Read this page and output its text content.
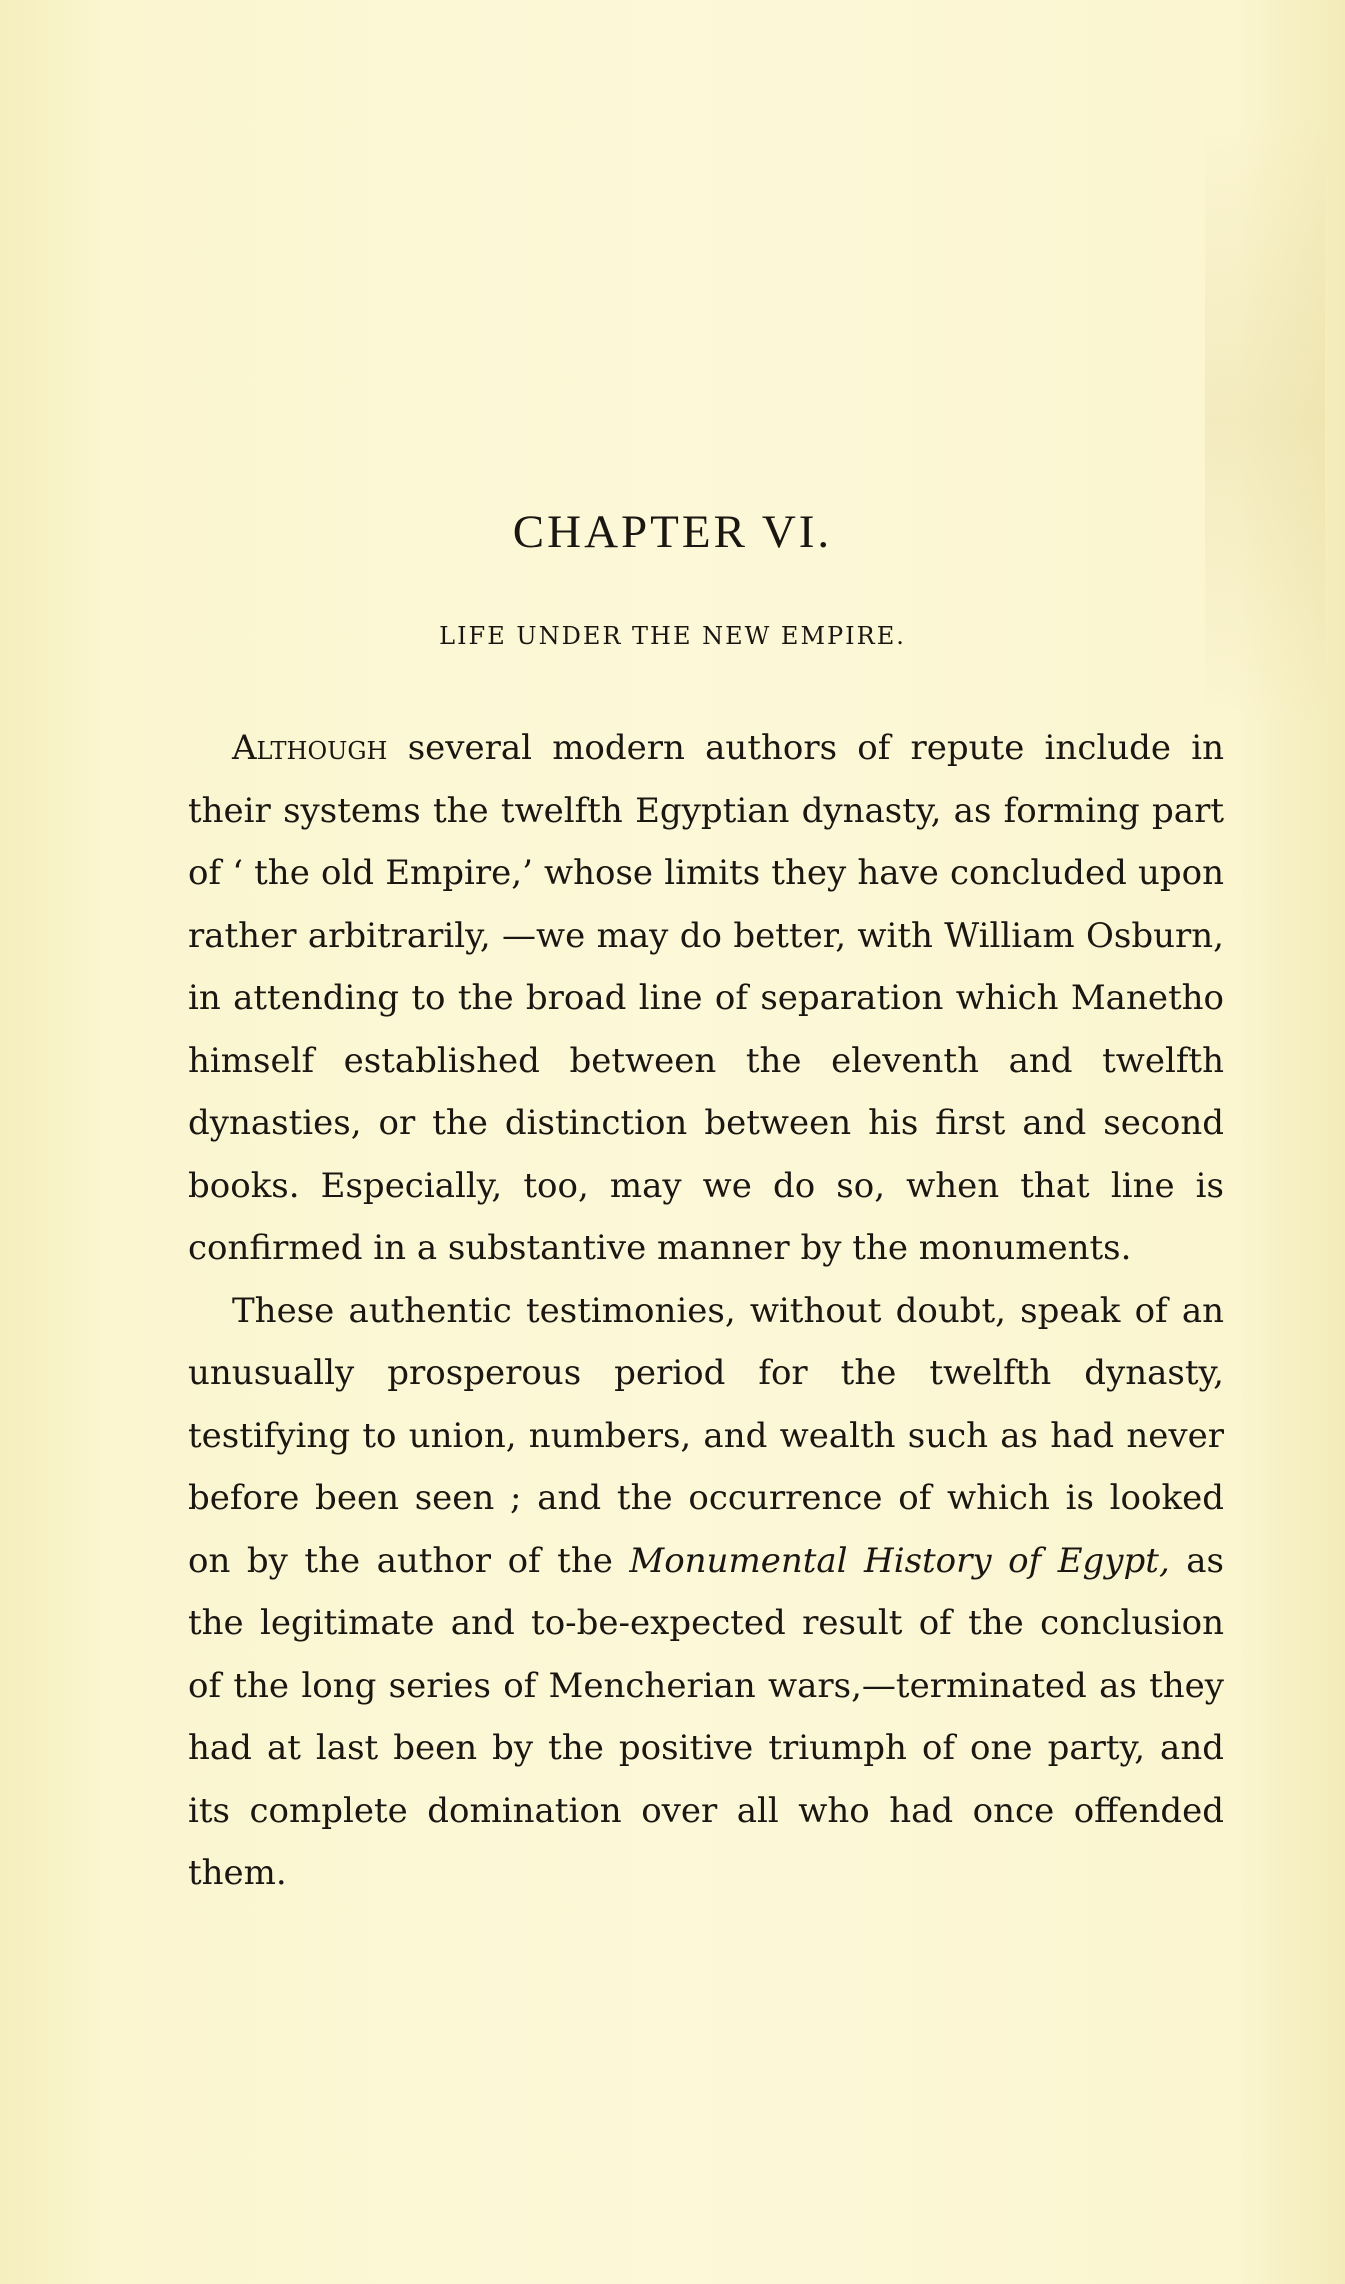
CHAPTER VI.
LIFE UNDER THE NEW EMPIRE.

Although several modern authors of repute include in their systems the twelfth Egyptian dynasty, as forming part of ‘ the old Empire,’ whose limits they have concluded upon rather arbitrarily, —we may do better, with William Osburn, in attending to the broad line of separation which Manetho himself established between the eleventh and twelfth dynasties, or the distinction between his first and second books. Especially, too, may we do so, when that line is confirmed in a substantive manner by the monuments.

These authentic testimonies, without doubt, speak of an unusually prosperous period for the twelfth dynasty, testifying to union, numbers, and wealth such as had never before been seen ; and the occurrence of which is looked on by the author of the Monumental History of Egypt, as the legitimate and to-be-expected result of the conclusion of the long series of Mencherian wars,—terminated as they had at last been by the positive triumph of one party, and its complete domination over all who had once offended them.
